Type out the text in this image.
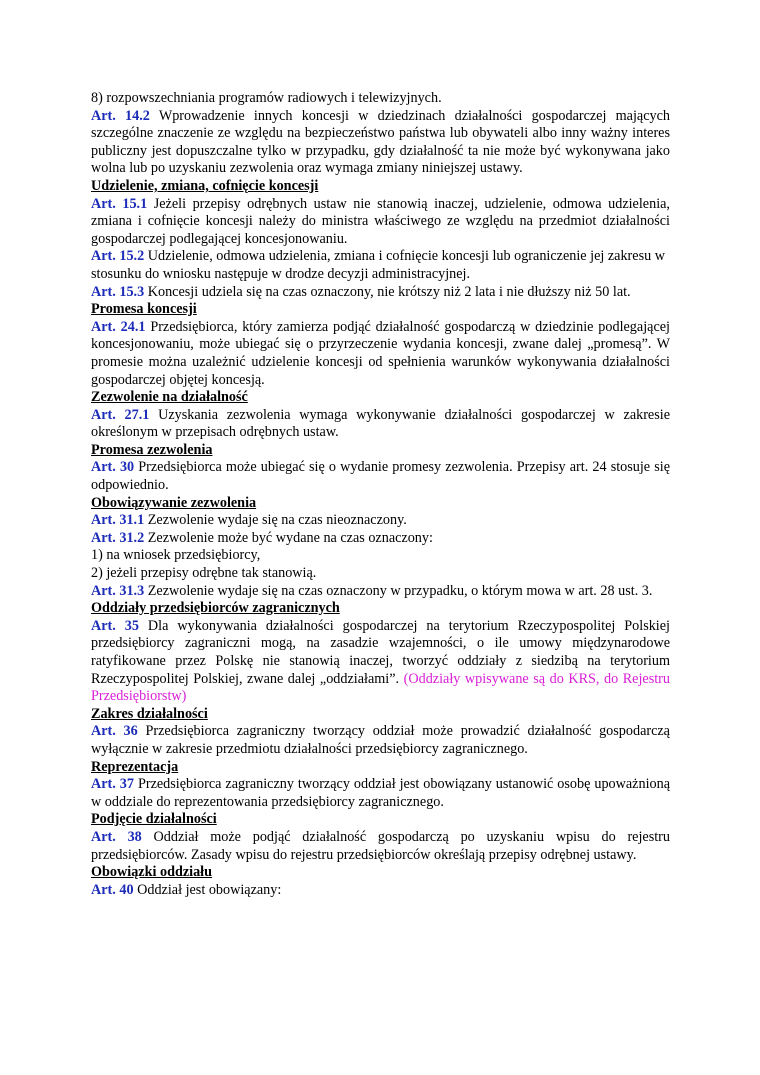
8) rozpowszechniania programów radiowych i telewizyjnych.

Art. 14.2 Wprowadzenie innych koncesji w dziedzinach działalności gospodarczej mających szczególne znaczenie ze względu na bezpieczeństwo państwa lub obywateli albo inny ważny interes publiczny jest dopuszczalne tylko w przypadku, gdy działalność ta nie może być wykonywana jako wolna lub po uzyskaniu zezwolenia oraz wymaga zmiany niniejszej ustawy.

Udzielenie, zmiana, cofnięcie koncesji

Art. 15.1 Jeżeli przepisy odrębnych ustaw nie stanowią inaczej, udzielenie, odmowa udzielenia, zmiana i cofnięcie koncesji należy do ministra właściwego ze względu na przedmiot działalności gospodarczej podlegającej koncesjonowaniu.

Art. 15.2 Udzielenie, odmowa udzielenia, zmiana i cofnięcie koncesji lub ograniczenie jej zakresu w stosunku do wniosku następuje w drodze decyzji administracyjnej.

Art. 15.3 Koncesji udziela się na czas oznaczony, nie krótszy niż 2 lata i nie dłuższy niż 50 lat.

Promesa koncesji

Art. 24.1 Przedsiębiorca, który zamierza podjąć działalność gospodarczą w dziedzinie podlegającej koncesjonowaniu, może ubiegać się o przyrzeczenie wydania koncesji, zwane dalej „promesą”. W promesie można uzależnić udzielenie koncesji od spełnienia warunków wykonywania działalności gospodarczej objętej koncesją.

Zezwolenie na działalność

Art. 27.1 Uzyskania zezwolenia wymaga wykonywanie działalności gospodarczej w zakresie określonym w przepisach odrębnych ustaw.

Promesa zezwolenia

Art. 30 Przedsiębiorca może ubiegać się o wydanie promesy zezwolenia. Przepisy art. 24 stosuje się odpowiednio.

Obowiązywanie zezwolenia

Art. 31.1 Zezwolenie wydaje się na czas nieoznaczony.

Art. 31.2 Zezwolenie może być wydane na czas oznaczony:

1) na wniosek przedsiębiorcy,

2) jeżeli przepisy odrębne tak stanowią.

Art. 31.3 Zezwolenie wydaje się na czas oznaczony w przypadku, o którym mowa w art. 28 ust. 3.

Oddziały przedsiębiorców zagranicznych

Art. 35 Dla wykonywania działalności gospodarczej na terytorium Rzeczypospolitej Polskiej przedsiębiorcy zagraniczni mogą, na zasadzie wzajemności, o ile umowy międzynarodowe ratyfikowane przez Polskę nie stanowią inaczej, tworzyć oddziały z siedzibą na terytorium Rzeczypospolitej Polskiej, zwane dalej „oddziałami”. (Oddziały wpisywane są do KRS, do Rejestru Przedsiębiorstw)

Zakres działalności

Art. 36 Przedsiębiorca zagraniczny tworzący oddział może prowadzić działalność gospodarczą wyłącznie w zakresie przedmiotu działalności przedsiębiorcy zagranicznego.

Reprezentacja

Art. 37 Przedsiębiorca zagraniczny tworzący oddział jest obowiązany ustanowić osobę upoważnioną w oddziale do reprezentowania przedsiębiorcy zagranicznego.

Podjęcie działalności

Art. 38 Oddział może podjąć działalność gospodarczą po uzyskaniu wpisu do rejestru przedsiębiorców. Zasady wpisu do rejestru przedsiębiorców określają przepisy odrębnej ustawy.

Obowiązki oddziału

Art. 40 Oddział jest obowiązany:
